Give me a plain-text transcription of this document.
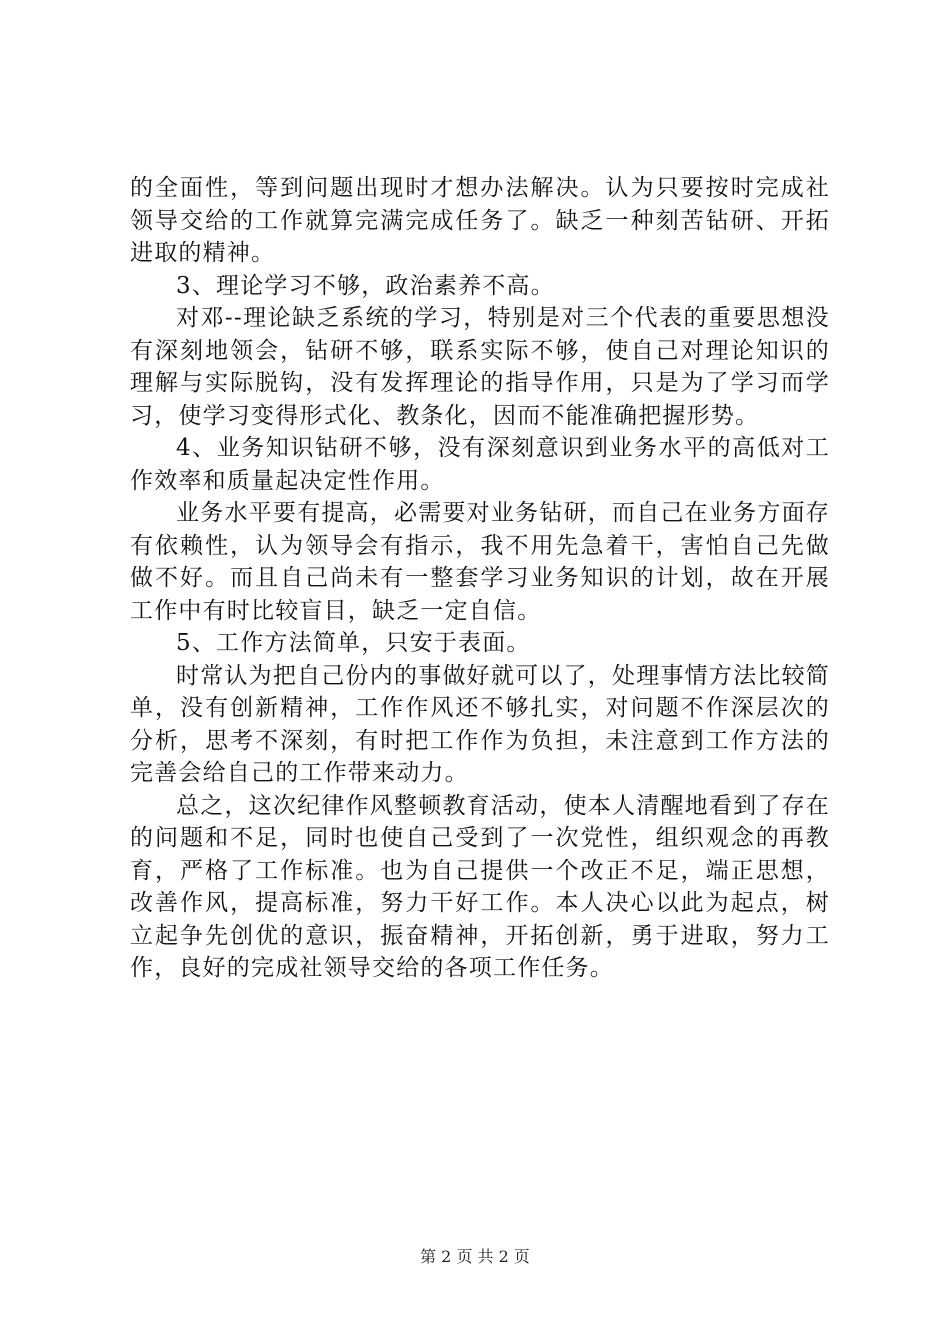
的全面性，等到问题出现时才想办法解决。认为只要按时完成社领导交给的工作就算完满完成任务了。缺乏一种刻苦钻研、开拓进取的精神。

3、理论学习不够，政治素养不高。

对邓--理论缺乏系统的学习，特别是对三个代表的重要思想没有深刻地领会，钻研不够，联系实际不够，使自己对理论知识的理解与实际脱钩，没有发挥理论的指导作用，只是为了学习而学习，使学习变得形式化、教条化，因而不能准确把握形势。

4、业务知识钻研不够，没有深刻意识到业务水平的高低对工作效率和质量起决定性作用。

业务水平要有提高，必需要对业务钻研，而自己在业务方面存有依赖性，认为领导会有指示，我不用先急着干，害怕自己先做做不好。而且自己尚未有一整套学习业务知识的计划，故在开展工作中有时比较盲目，缺乏一定自信。

5、工作方法简单，只安于表面。

时常认为把自己份内的事做好就可以了，处理事情方法比较简单，没有创新精神，工作作风还不够扎实，对问题不作深层次的分析，思考不深刻，有时把工作作为负担，未注意到工作方法的完善会给自己的工作带来动力。

总之，这次纪律作风整顿教育活动，使本人清醒地看到了存在的问题和不足，同时也使自己受到了一次党性，组织观念的再教育，严格了工作标准。也为自己提供一个改正不足，端正思想，改善作风，提高标准，努力干好工作。本人决心以此为起点，树立起争先创优的意识，振奋精神，开拓创新，勇于进取，努力工作，良好的完成社领导交给的各项工作任务。

第 2 页 共 2 页
